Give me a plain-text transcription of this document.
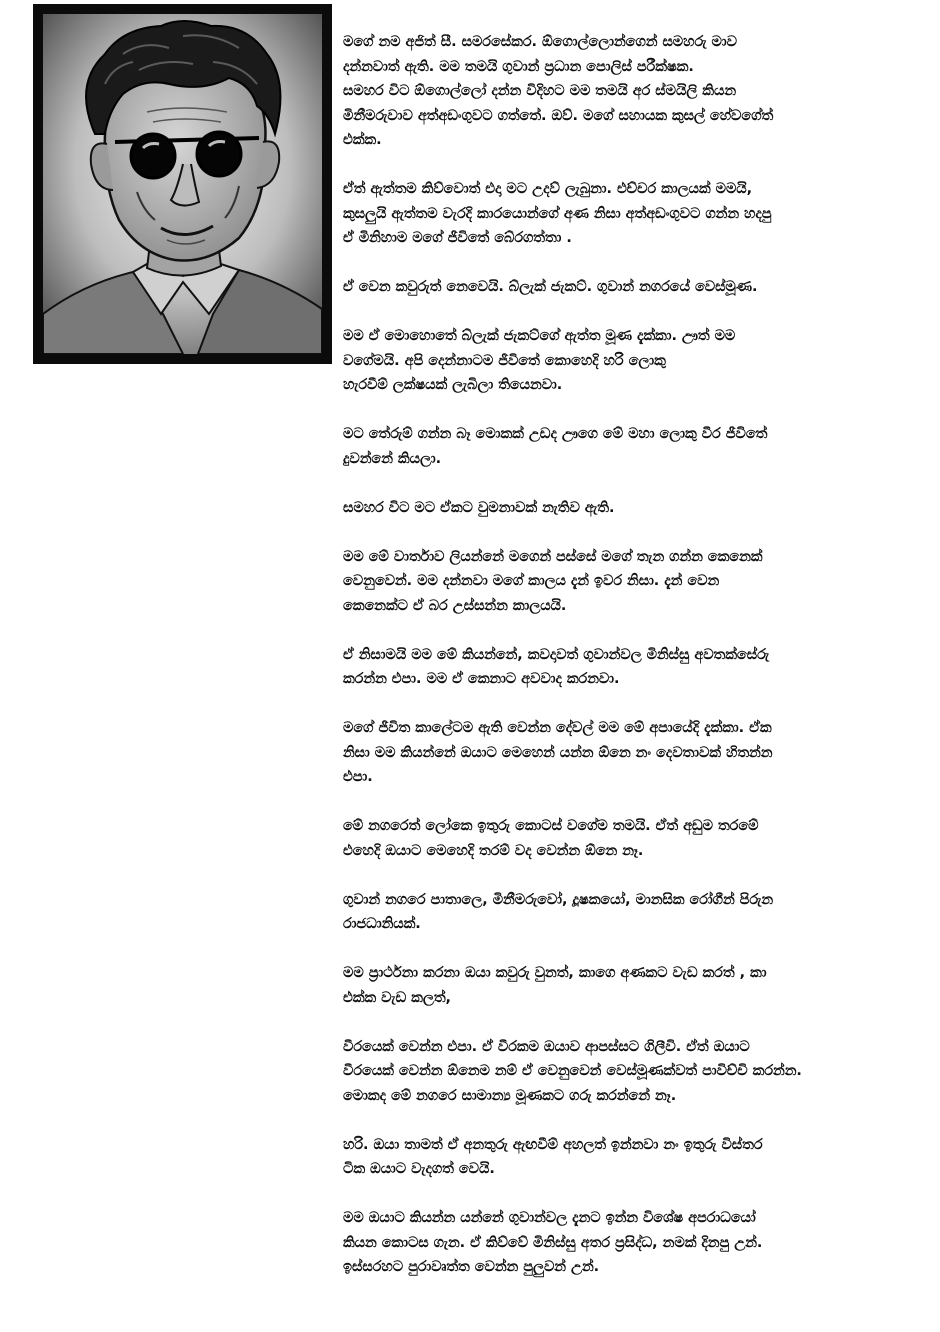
මගේ නම අජිත් සී. සමරසේකර. ඕගොල්ලොන්ගෙන් සමහරු මාව
දන්නවාත් ඇති. මම තමයි ගුවාන් ප්‍රධාන පොලිස් පරීක්ෂක.
සමහර විට ඕගොල්ලෝ දන්න විදිහට මම තමයි අර ස්මයිලි කියන
මිනීමරුවාව අත්අඩංගුවට ගත්තේ. ඔව්. මගේ සහායක කුසල් හේවගේත්
එක්ක.

ඒත් ඇත්තම කිව්වොත් එදා මට උදව් ලැබුනා. එච්චර කාලයක් මමයි,
කුසලුයි ඇත්තම වැරදි කාරයොන්ගේ අණ නිසා අත්අඩංගුවට ගන්න හදපු
ඒ මිනිහාම මගේ ජීවිතේ බේරගත්තා .

ඒ වෙන කවුරුත් නෙවෙයි. බ්ලැක් ජැකට්. ගුවාන් නගරයේ වෙස්මූණ.

මම ඒ මොහොතේ බ්ලැක් ජැකට්ගේ ඇත්ත මූණ දැක්කා. ඌත් මම
වගේමයි. අපි දෙන්නාටම ජීවිතේ කොහෙදි හරි ලොකු
හැරවීම් ලක්ෂයක් ලැබිලා තියෙනවා.

මට තේරුම් ගන්න බෑ මොකක් උඩද ඌගෙ මේ මහා ලොකු වීර ජීවිතේ
දුවන්නේ කියලා.

සමහර විට මට ඒකට වුමනාවක් නැතිව ඇති.

මම මේ වාර්තාව ලියන්නේ මගෙන් පස්සේ මගේ තැන ගන්න කෙනෙක්
වෙනුවෙන්. මම දන්නවා මගේ කාලය දැන් ඉවර නිසා. දැන් වෙන
කෙනෙක්ට ඒ බර උස්සන්න කාලයයි.

ඒ නිසාමයි මම මේ කියන්නේ, කවදාවත් ගුවාන්වල මිනිස්සු අවතක්සේරු
කරන්න එපා. මම ඒ කෙනාට අවවාද කරනවා.

මගේ ජීවිත කාලේටම ඇති වෙන්න දේවල් මම මේ අපායේදි දැක්කා. ඒක
නිසා මම කියන්නේ ඔයාට මෙහෙන් යන්න ඕනෙ නං දෙවතාවක් හිතන්න
එපා.

මේ නගරෙත් ලෝකෙ ඉතුරු කොටස් වගේම තමයි. ඒත් අඩුම තරමේ
එහෙදි ඔයාට මෙහෙදි තරම් වද වෙන්න ඕනෙ නෑ.

ගුවාන් නගරෙ පාතාලෙ, මිනීමරුවෝ, දූෂකයෝ, මානසික රෝගීන් පිරුන
රාජධානියක්.

මම ප්‍රාර්ථනා කරනා ඔයා කවුරු වුනත්, කාගෙ අණකට වැඩ කරත් , කා
එක්ක වැඩ කලත්,

වීරයෙක් වෙන්න එපා. ඒ වීරකම ඔයාව ආපස්සට ගිලීවි. ඒත් ඔයාට
වීරයෙක් වෙන්න ඕනෙම නම් ඒ වෙනුවෙන් වෙස්මූණක්වත් පාවිච්චි කරන්න.
මොකද මේ නගරෙ සාමාන්‍ය මූණකට ගරු කරන්නේ නෑ.

හරි. ඔයා තාමත් ඒ අනතුරු ඇඟවීම් අහලත් ඉන්නවා නං ඉතුරු විස්තර
ටික ඔයාට වැදගත් වෙයි.

මම ඔයාට කියන්න යන්නේ ගුවාන්වල දැනට ඉන්න විශේෂ අපරාධයෝ
කියන කොටස ගැන. ඒ කිව්වේ මිනිස්සු අතර ප්‍රසිද්ධ, නමක් දිනපු උන්.
ඉස්සරහට පුරාවෘත්ත වෙන්න පුලුවන් උන්.
